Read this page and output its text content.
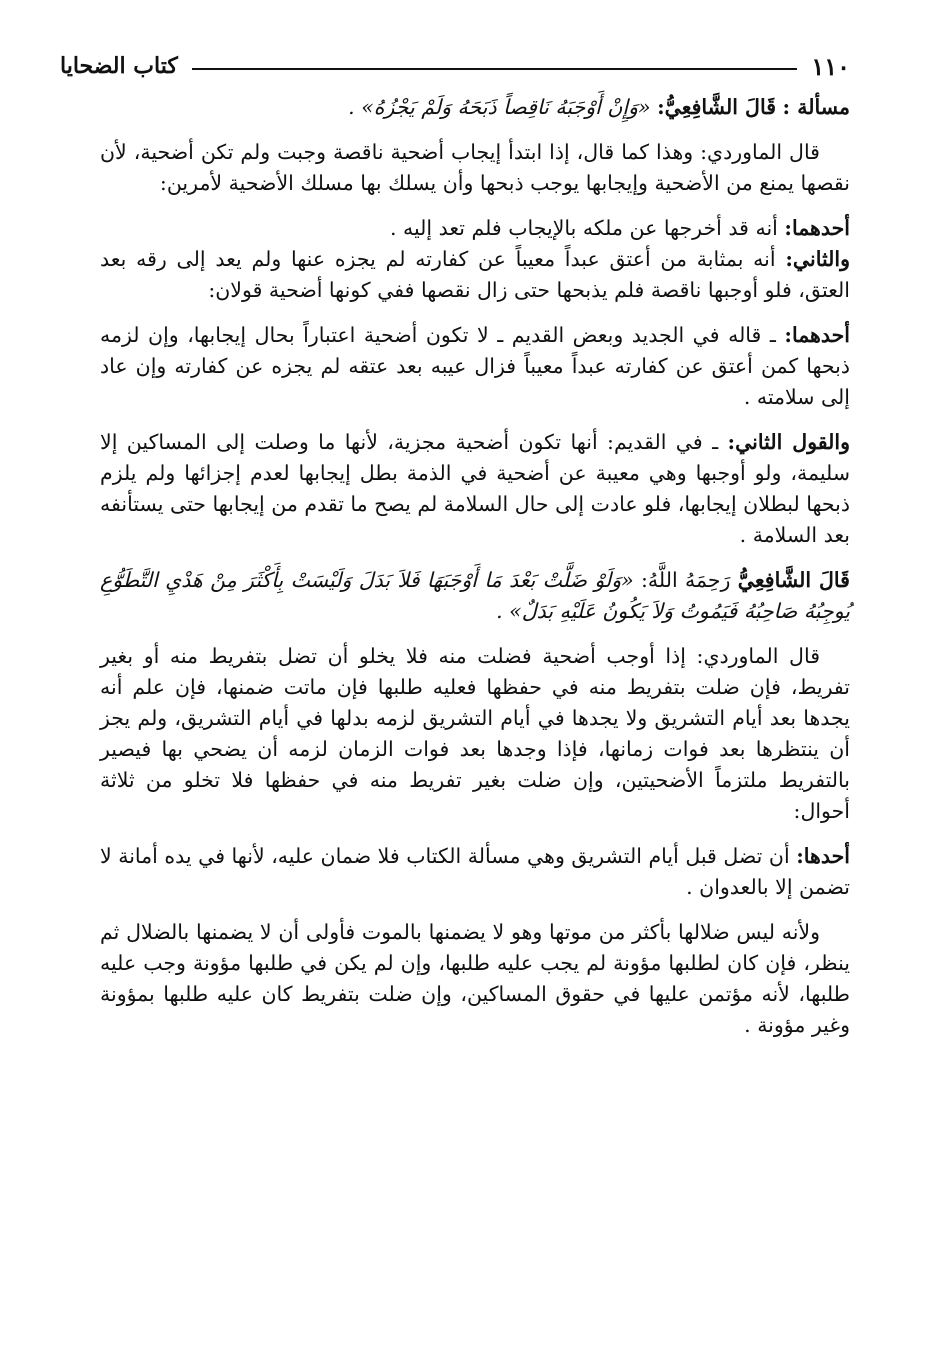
١١٠
كتاب الضحايا

مسألة : قَالَ الشَّافِعِيُّ: «وَإِنْ أَوْجَبَهُ نَاقِصاً ذَبَحَهُ وَلَمْ يَجْزُهُ» .

قال الماوردي: وهذا كما قال، إذا ابتدأ إيجاب أضحية ناقصة وجبت ولم تكن أضحية، لأن نقصها يمنع من الأضحية وإيجابها يوجب ذبحها وأن يسلك بها مسلك الأضحية لأمرين:

أحدهما: أنه قد أخرجها عن ملكه بالإيجاب فلم تعد إليه .

والثاني: أنه بمثابة من أعتق عبداً معيباً عن كفارته لم يجزه عنها ولم يعد إلى رقه بعد العتق، فلو أوجبها ناقصة فلم يذبحها حتى زال نقصها ففي كونها أضحية قولان:

أحدهما: ـ قاله في الجديد وبعض القديم ـ لا تكون أضحية اعتباراً بحال إيجابها، وإن لزمه ذبحها كمن أعتق عن كفارته عبداً معيباً فزال عيبه بعد عتقه لم يجزه عن كفارته وإن عاد إلى سلامته .

والقول الثاني: ـ في القديم: أنها تكون أضحية مجزية، لأنها ما وصلت إلى المساكين إلا سليمة، ولو أوجبها وهي معيبة عن أضحية في الذمة بطل إيجابها لعدم إجزائها ولم يلزم ذبحها لبطلان إيجابها، فلو عادت إلى حال السلامة لم يصح ما تقدم من إيجابها حتى يستأنفه بعد السلامة .

قَالَ الشَّافِعِيُّ رَحِمَهُ اللَّهُ: «وَلَوْ ضَلَّتْ بَعْدَ مَا أَوْجَبَهَا فَلاَ بَدَلَ وَلَيْسَتْ بِأَكْثَرَ مِنْ هَدْيِ التَّطَوُّعِ يُوجِبُهُ صَاحِبُهُ فَيَمُوتُ وَلاَ يَكُونُ عَلَيْهِ بَدَلٌ» .

قال الماوردي: إذا أوجب أضحية فضلت منه فلا يخلو أن تضل بتفريط منه أو بغير تفريط، فإن ضلت بتفريط منه في حفظها فعليه طلبها فإن ماتت ضمنها، فإن علم أنه يجدها بعد أيام التشريق ولا يجدها في أيام التشريق لزمه بدلها في أيام التشريق، ولم يجز أن ينتظرها بعد فوات زمانها، فإذا وجدها بعد فوات الزمان لزمه أن يضحي بها فيصير بالتفريط ملتزماً الأضحيتين، وإن ضلت بغير تفريط منه في حفظها فلا تخلو من ثلاثة أحوال:

أحدها: أن تضل قبل أيام التشريق وهي مسألة الكتاب فلا ضمان عليه، لأنها في يده أمانة لا تضمن إلا بالعدوان .

ولأنه ليس ضلالها بأكثر من موتها وهو لا يضمنها بالموت فأولى أن لا يضمنها بالضلال ثم ينظر، فإن كان لطلبها مؤونة لم يجب عليه طلبها، وإن لم يكن في طلبها مؤونة وجب عليه طلبها، لأنه مؤتمن عليها في حقوق المساكين، وإن ضلت بتفريط كان عليه طلبها بمؤونة وغير مؤونة .
